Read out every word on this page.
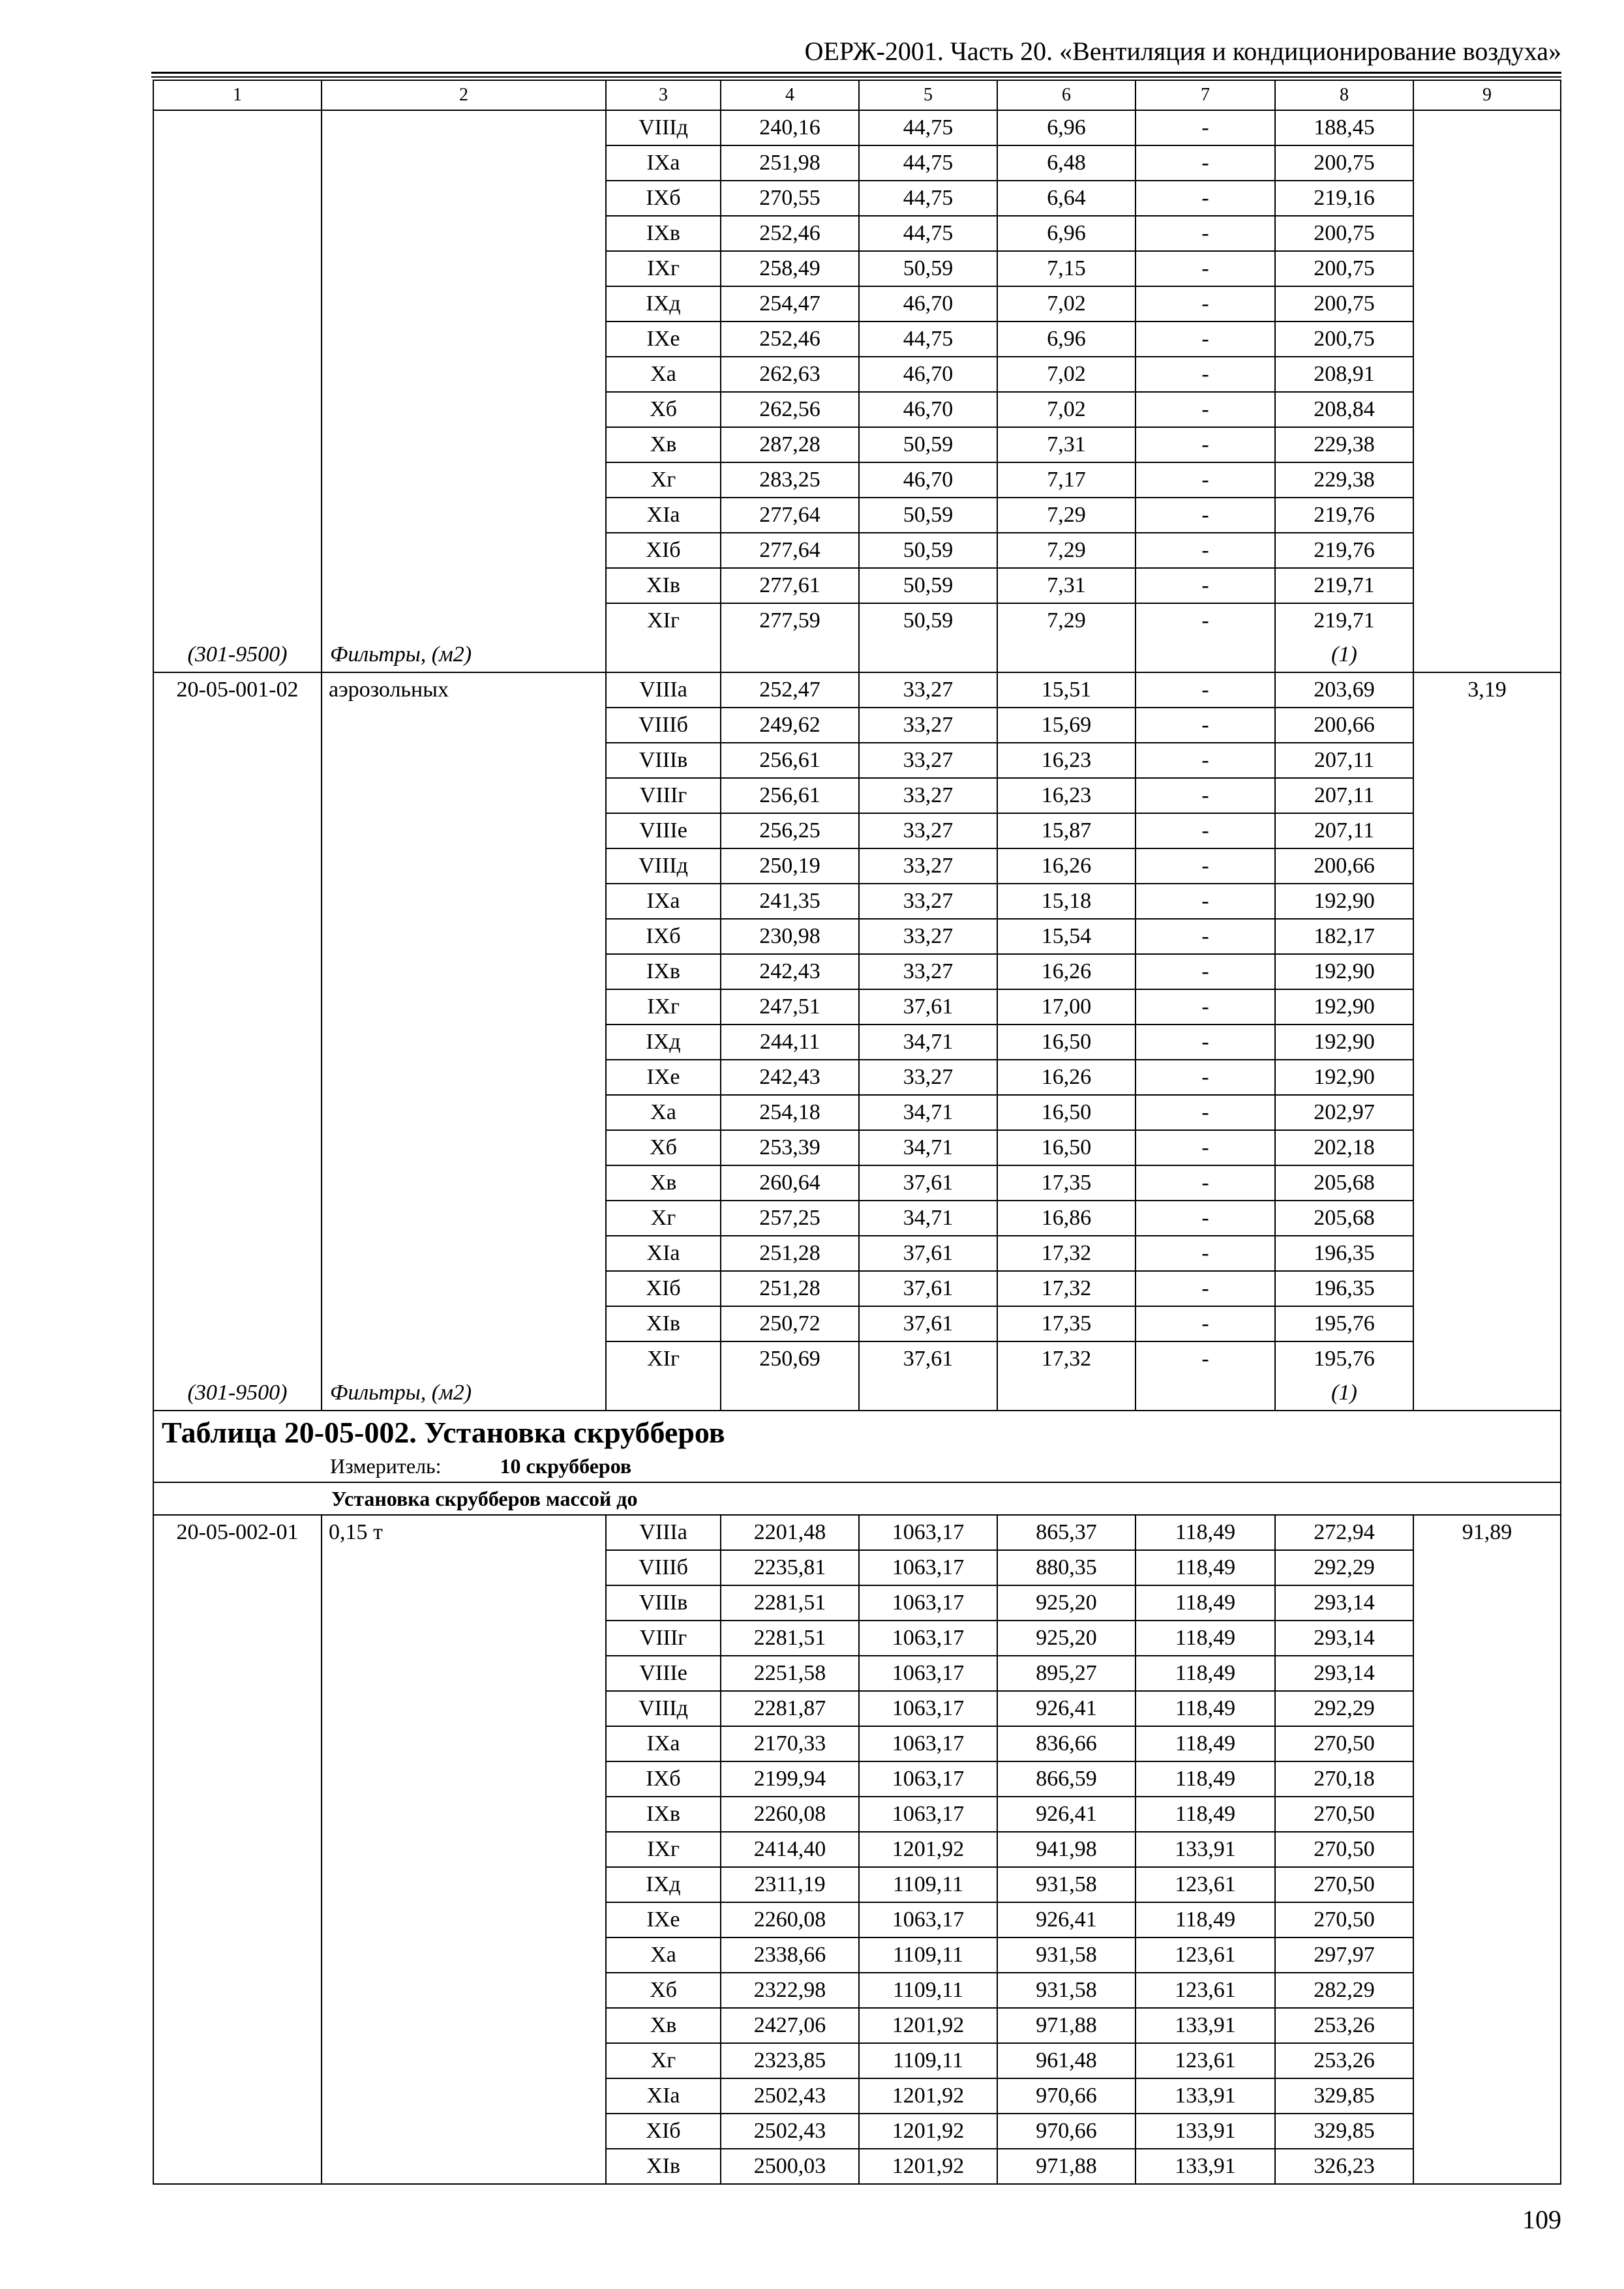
ОЕРЖ-2001. Часть 20. «Вентиляция и кондиционирование воздуха»
1	2	3	4	5	6	7	8	9
		VIIIд	240,16	44,75	6,96	-	188,45	
		IXа	251,98	44,75	6,48	-	200,75	
		IXб	270,55	44,75	6,64	-	219,16	
		IXв	252,46	44,75	6,96	-	200,75	
		IXг	258,49	50,59	7,15	-	200,75	
		IXд	254,47	46,70	7,02	-	200,75	
		IXе	252,46	44,75	6,96	-	200,75	
		Xа	262,63	46,70	7,02	-	208,91	
		Xб	262,56	46,70	7,02	-	208,84	
		Xв	287,28	50,59	7,31	-	229,38	
		Xг	283,25	46,70	7,17	-	229,38	
		XIа	277,64	50,59	7,29	-	219,76	
		XIб	277,64	50,59	7,29	-	219,76	
		XIв	277,61	50,59	7,31	-	219,71	
		XIг	277,59	50,59	7,29	-	219,71	
(301-9500)	Фильтры, (м2)						(1)	
20-05-001-02	аэрозольных	VIIIа	252,47	33,27	15,51	-	203,69	3,19
		VIIIб	249,62	33,27	15,69	-	200,66	
		VIIIв	256,61	33,27	16,23	-	207,11	
		VIIIг	256,61	33,27	16,23	-	207,11	
		VIIIе	256,25	33,27	15,87	-	207,11	
		VIIIд	250,19	33,27	16,26	-	200,66	
		IXа	241,35	33,27	15,18	-	192,90	
		IXб	230,98	33,27	15,54	-	182,17	
		IXв	242,43	33,27	16,26	-	192,90	
		IXг	247,51	37,61	17,00	-	192,90	
		IXд	244,11	34,71	16,50	-	192,90	
		IXе	242,43	33,27	16,26	-	192,90	
		Xа	254,18	34,71	16,50	-	202,97	
		Xб	253,39	34,71	16,50	-	202,18	
		Xв	260,64	37,61	17,35	-	205,68	
		Xг	257,25	34,71	16,86	-	205,68	
		XIа	251,28	37,61	17,32	-	196,35	
		XIб	251,28	37,61	17,32	-	196,35	
		XIв	250,72	37,61	17,35	-	195,76	
		XIг	250,69	37,61	17,32	-	195,76	
(301-9500)	Фильтры, (м2)						(1)	

Таблица 20-05-002. Установка скрубберов
Измеритель: 10 скрубберов								

Установка скрубберов массой до								
20-05-002-01	0,15 т	VIIIа	2201,48	1063,17	865,37	118,49	272,94	91,89
		VIIIб	2235,81	1063,17	880,35	118,49	292,29	
		VIIIв	2281,51	1063,17	925,20	118,49	293,14	
		VIIIг	2281,51	1063,17	925,20	118,49	293,14	
		VIIIе	2251,58	1063,17	895,27	118,49	293,14	
		VIIIд	2281,87	1063,17	926,41	118,49	292,29	
		IXа	2170,33	1063,17	836,66	118,49	270,50	
		IXб	2199,94	1063,17	866,59	118,49	270,18	
		IXв	2260,08	1063,17	926,41	118,49	270,50	
		IXг	2414,40	1201,92	941,98	133,91	270,50	
		IXд	2311,19	1109,11	931,58	123,61	270,50	
		IXе	2260,08	1063,17	926,41	118,49	270,50	
		Xа	2338,66	1109,11	931,58	123,61	297,97	
		Xб	2322,98	1109,11	931,58	123,61	282,29	
		Xв	2427,06	1201,92	971,88	133,91	253,26	
		Xг	2323,85	1109,11	961,48	123,61	253,26	
		XIа	2502,43	1201,92	970,66	133,91	329,85	
		XIб	2502,43	1201,92	970,66	133,91	329,85	
		XIв	2500,03	1201,92	971,88	133,91	326,23	
109
